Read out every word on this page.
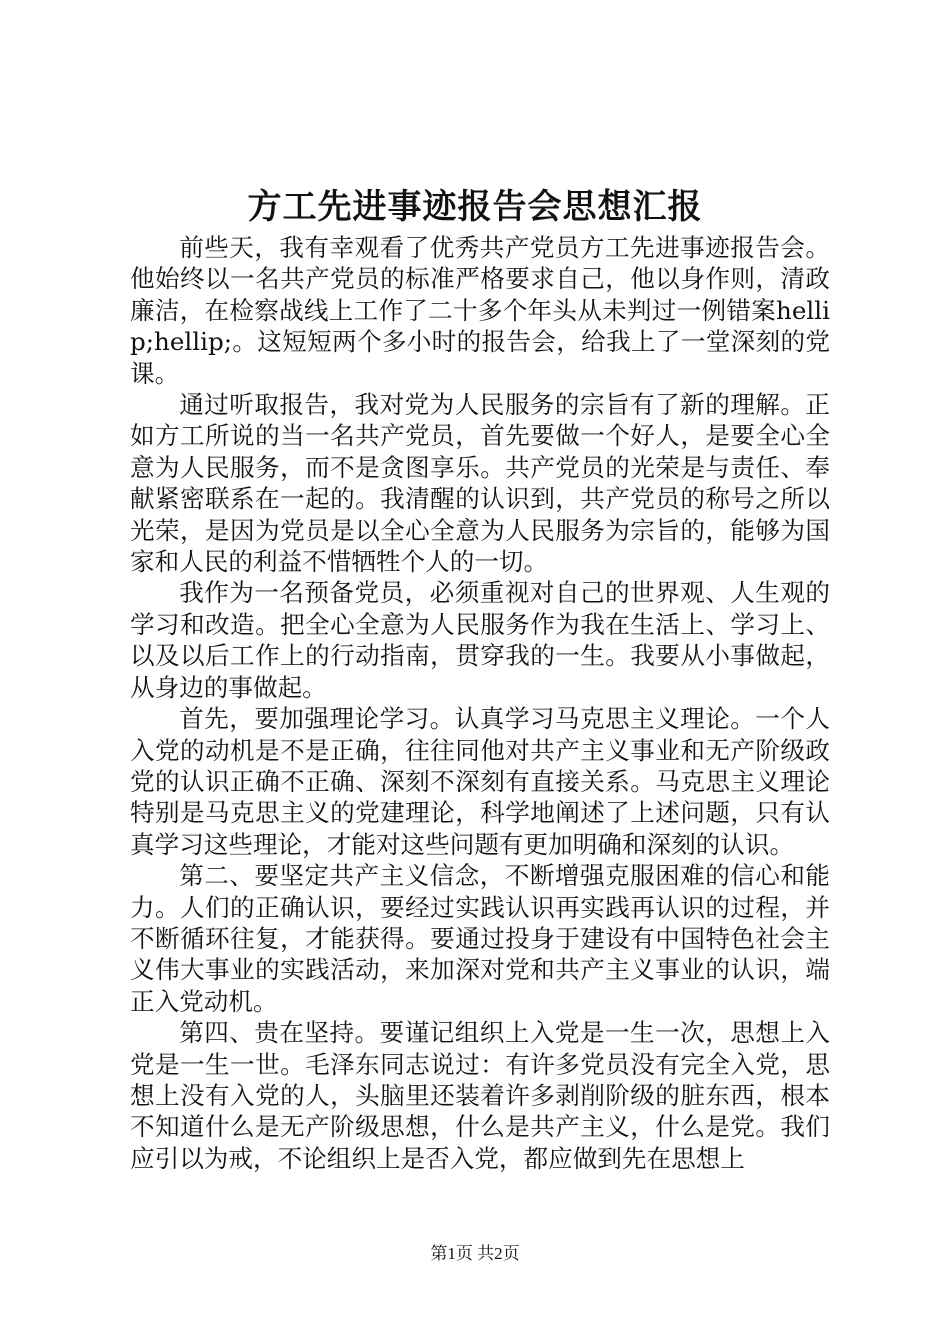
方工先进事迹报告会思想汇报

前些天，我有幸观看了优秀共产党员方工先进事迹报告会。他始终以一名共产党员的标准严格要求自己，他以身作则，清政廉洁，在检察战线上工作了二十多个年头从未判过一例错案hellip;hellip;。这短短两个多小时的报告会，给我上了一堂深刻的党课。

通过听取报告，我对党为人民服务的宗旨有了新的理解。正如方工所说的当一名共产党员，首先要做一个好人，是要全心全意为人民服务，而不是贪图享乐。共产党员的光荣是与责任、奉献紧密联系在一起的。我清醒的认识到，共产党员的称号之所以光荣，是因为党员是以全心全意为人民服务为宗旨的，能够为国家和人民的利益不惜牺牲个人的一切。

我作为一名预备党员，必须重视对自己的世界观、人生观的学习和改造。把全心全意为人民服务作为我在生活上、学习上、以及以后工作上的行动指南，贯穿我的一生。我要从小事做起，从身边的事做起。

首先，要加强理论学习。认真学习马克思主义理论。一个人入党的动机是不是正确，往往同他对共产主义事业和无产阶级政党的认识正确不正确、深刻不深刻有直接关系。马克思主义理论特别是马克思主义的党建理论，科学地阐述了上述问题，只有认真学习这些理论，才能对这些问题有更加明确和深刻的认识。

第二、要坚定共产主义信念，不断增强克服困难的信心和能力。人们的正确认识，要经过实践认识再实践再认识的过程，并不断循环往复，才能获得。要通过投身于建设有中国特色社会主义伟大事业的实践活动，来加深对党和共产主义事业的认识，端正入党动机。

第四、贵在坚持。要谨记组织上入党是一生一次，思想上入党是一生一世。毛泽东同志说过：有许多党员没有完全入党，思想上没有入党的人，头脑里还装着许多剥削阶级的脏东西，根本不知道什么是无产阶级思想，什么是共产主义，什么是党。我们应引以为戒，不论组织上是否入党，都应做到先在思想上

第1页 共2页
